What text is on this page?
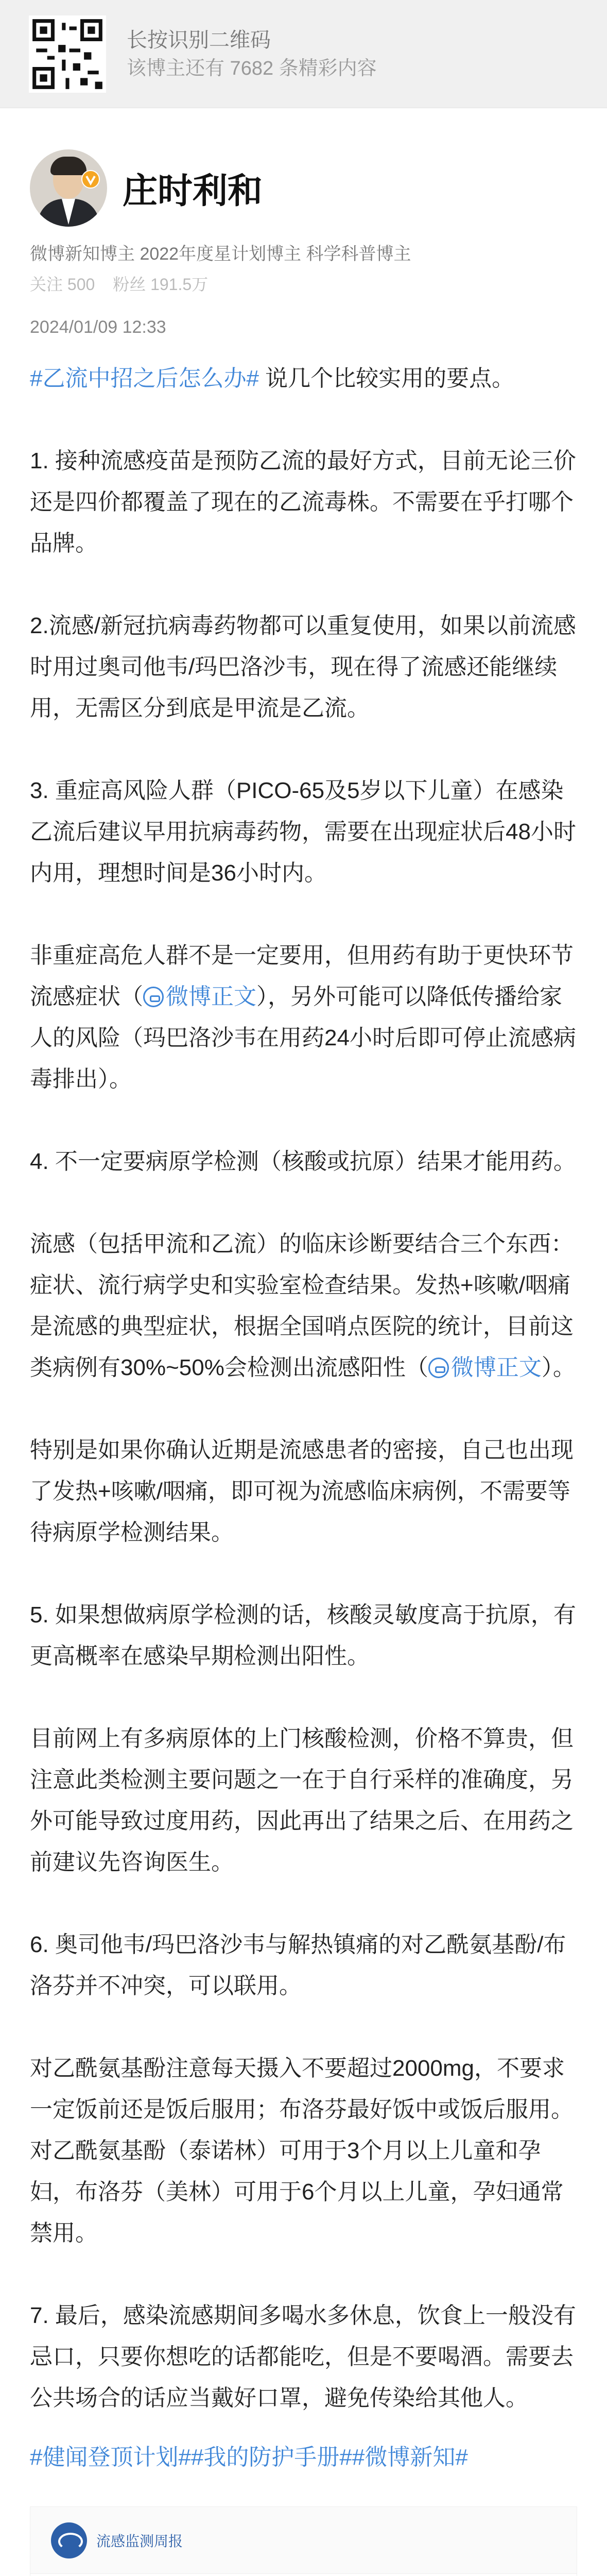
长按识别二维码
该博主还有 7682 条精彩内容
庄时利和
微博新知博主 2022年度星计划博主 科学科普博主
关注 500 粉丝 191.5万
2024/01/09 12:33

#乙流中招之后怎么办# 说几个比较实用的要点。

1. 接种流感疫苗是预防乙流的最好方式，目前无论三价还是四价都覆盖了现在的乙流毒株。不需要在乎打哪个品牌。

2.流感/新冠抗病毒药物都可以重复使用，如果以前流感时用过奥司他韦/玛巴洛沙韦，现在得了流感还能继续用，无需区分到底是甲流是乙流。

3. 重症高风险人群（PICO-65及5岁以下儿童）在感染乙流后建议早用抗病毒药物，需要在出现症状后48小时内用，理想时间是36小时内。

非重症高危人群不是一定要用，但用药有助于更快环节流感症状（ 微博正文），另外可能可以降低传播给家人的风险（玛巴洛沙韦在用药24小时后即可停止流感病毒排出）。

4. 不一定要病原学检测（核酸或抗原）结果才能用药。

流感（包括甲流和乙流）的临床诊断要结合三个东西：症状、流行病学史和实验室检查结果。发热+咳嗽/咽痛是流感的典型症状，根据全国哨点医院的统计，目前这类病例有30%~50%会检测出流感阳性（ 微博正文）。

特别是如果你确认近期是流感患者的密接，自己也出现了发热+咳嗽/咽痛，即可视为流感临床病例，不需要等待病原学检测结果。

5. 如果想做病原学检测的话，核酸灵敏度高于抗原，有更高概率在感染早期检测出阳性。

目前网上有多病原体的上门核酸检测，价格不算贵，但注意此类检测主要问题之一在于自行采样的准确度，另外可能导致过度用药，因此再出了结果之后、在用药之前建议先咨询医生。

6. 奥司他韦/玛巴洛沙韦与解热镇痛的对乙酰氨基酚/布洛芬并不冲突，可以联用。

对乙酰氨基酚注意每天摄入不要超过2000mg，不要求一定饭前还是饭后服用；布洛芬最好饭中或饭后服用。对乙酰氨基酚（泰诺林）可用于3个月以上儿童和孕妇，布洛芬（美林）可用于6个月以上儿童，孕妇通常禁用。

7. 最后，感染流感期间多喝水多休息，饮食上一般没有忌口，只要你想吃的话都能吃，但是不要喝酒。需要去公共场合的话应当戴好口罩，避免传染给其他人。

#健闻登顶计划##我的防护手册##微博新知#
流感监测周报
